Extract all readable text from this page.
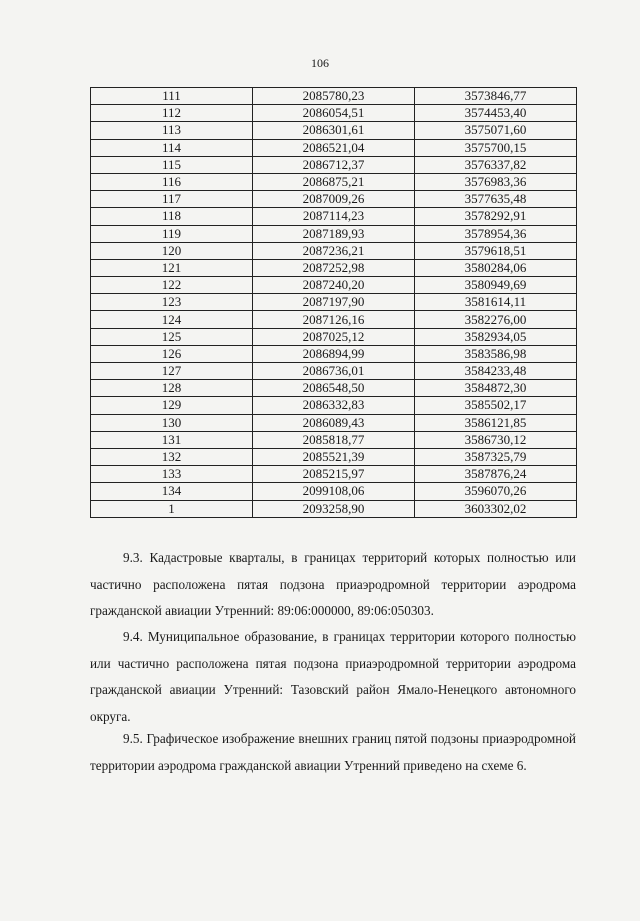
106
111	2085780,23	3573846,77
112	2086054,51	3574453,40
113	2086301,61	3575071,60
114	2086521,04	3575700,15
115	2086712,37	3576337,82
116	2086875,21	3576983,36
117	2087009,26	3577635,48
118	2087114,23	3578292,91
119	2087189,93	3578954,36
120	2087236,21	3579618,51
121	2087252,98	3580284,06
122	2087240,20	3580949,69
123	2087197,90	3581614,11
124	2087126,16	3582276,00
125	2087025,12	3582934,05
126	2086894,99	3583586,98
127	2086736,01	3584233,48
128	2086548,50	3584872,30
129	2086332,83	3585502,17
130	2086089,43	3586121,85
131	2085818,77	3586730,12
132	2085521,39	3587325,79
133	2085215,97	3587876,24
134	2099108,06	3596070,26
1	2093258,90	3603302,02

9.3. Кадастровые кварталы, в границах территорий которых полностью или частично расположена пятая подзона приаэродромной территории аэродрома гражданской авиации Утренний: 89:06:000000, 89:06:050303.

9.4. Муниципальное образование, в границах территории которого полностью или частично расположена пятая подзона приаэродромной территории аэродрома гражданской авиации Утренний: Тазовский район Ямало-Ненецкого автономного округа.

9.5. Графическое изображение внешних границ пятой подзоны приаэродромной территории аэродрома гражданской авиации Утренний приведено на схеме 6.
